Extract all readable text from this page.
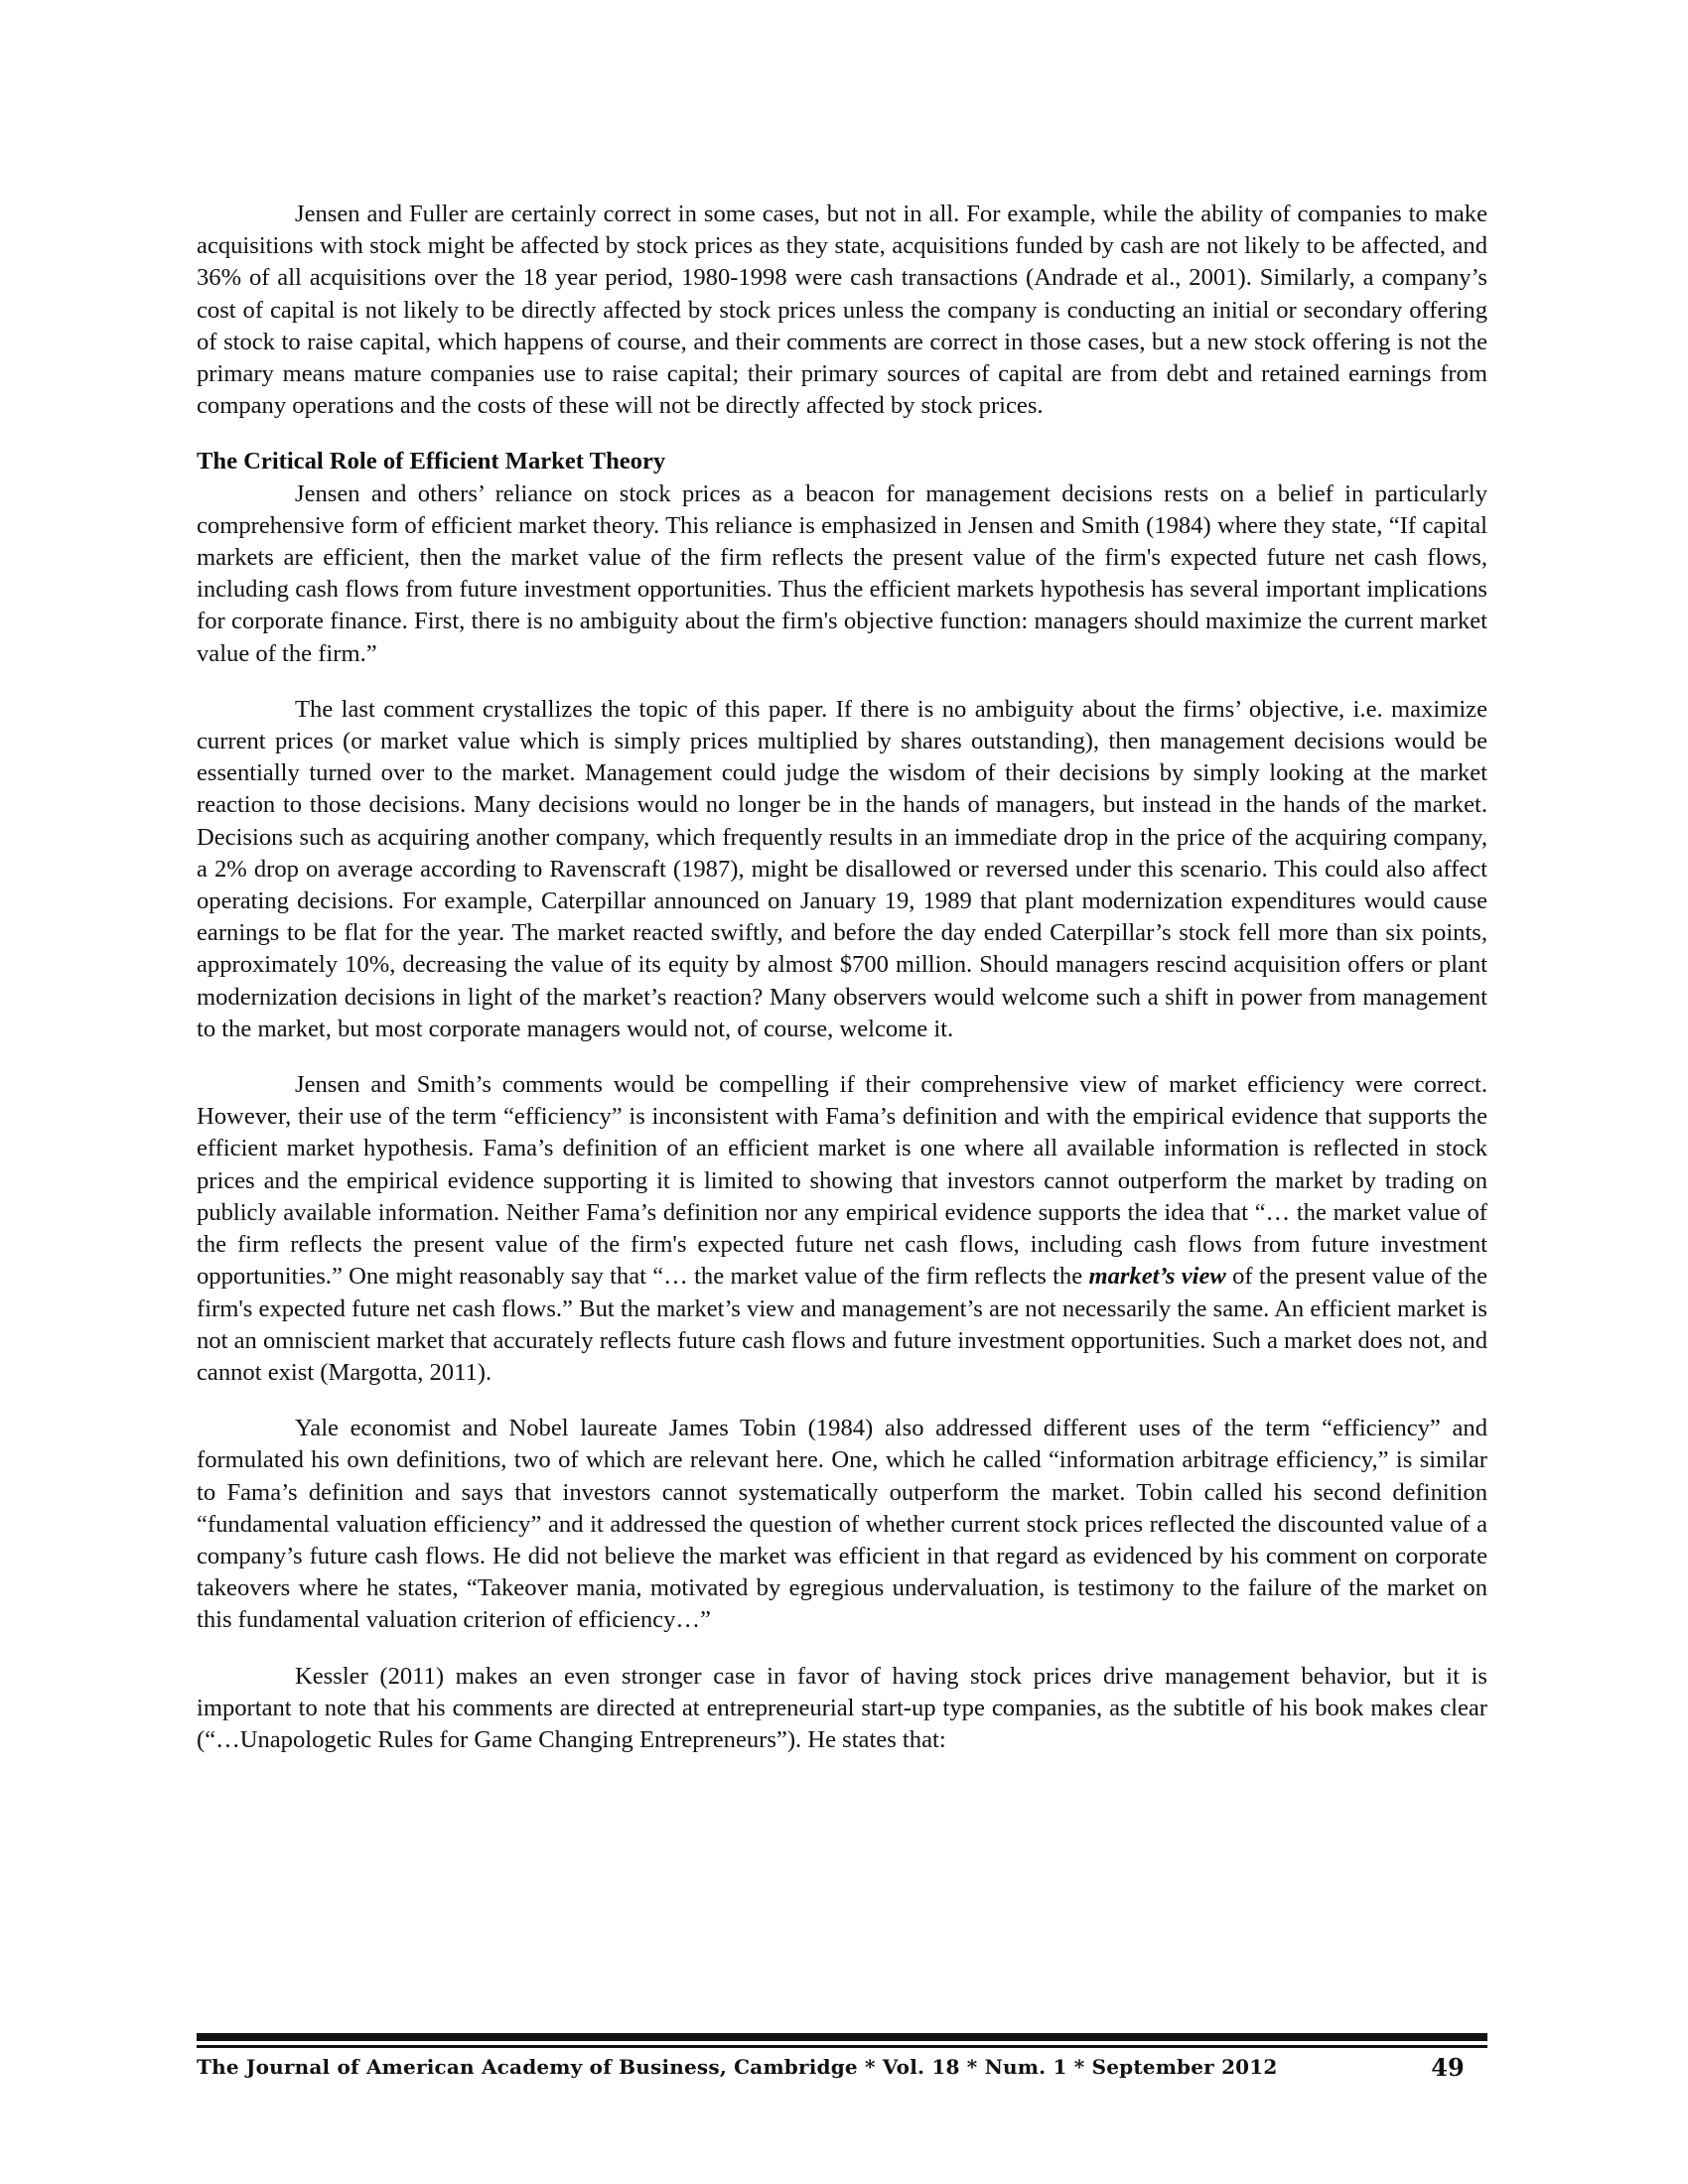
Jensen and Fuller are certainly correct in some cases, but not in all. For example, while the ability of companies to make acquisitions with stock might be affected by stock prices as they state, acquisitions funded by cash are not likely to be affected, and 36% of all acquisitions over the 18 year period, 1980-1998 were cash transactions (Andrade et al., 2001). Similarly, a company’s cost of capital is not likely to be directly affected by stock prices unless the company is conducting an initial or secondary offering of stock to raise capital, which happens of course, and their comments are correct in those cases, but a new stock offering is not the primary means mature companies use to raise capital; their primary sources of capital are from debt and retained earnings from company operations and the costs of these will not be directly affected by stock prices.

The Critical Role of Efficient Market Theory

Jensen and others’ reliance on stock prices as a beacon for management decisions rests on a belief in particularly comprehensive form of efficient market theory. This reliance is emphasized in Jensen and Smith (1984) where they state, “If capital markets are efficient, then the market value of the firm reflects the present value of the firm's expected future net cash flows, including cash flows from future investment opportunities. Thus the efficient markets hypothesis has several important implications for corporate finance. First, there is no ambiguity about the firm's objective function: managers should maximize the current market value of the firm.”

The last comment crystallizes the topic of this paper. If there is no ambiguity about the firms’ objective, i.e. maximize current prices (or market value which is simply prices multiplied by shares outstanding), then management decisions would be essentially turned over to the market. Management could judge the wisdom of their decisions by simply looking at the market reaction to those decisions. Many decisions would no longer be in the hands of managers, but instead in the hands of the market. Decisions such as acquiring another company, which frequently results in an immediate drop in the price of the acquiring company, a 2% drop on average according to Ravenscraft (1987), might be disallowed or reversed under this scenario. This could also affect operating decisions. For example, Caterpillar announced on January 19, 1989 that plant modernization expenditures would cause earnings to be flat for the year. The market reacted swiftly, and before the day ended Caterpillar’s stock fell more than six points, approximately 10%, decreasing the value of its equity by almost $700 million. Should managers rescind acquisition offers or plant modernization decisions in light of the market’s reaction? Many observers would welcome such a shift in power from management to the market, but most corporate managers would not, of course, welcome it.

Jensen and Smith’s comments would be compelling if their comprehensive view of market efficiency were correct. However, their use of the term “efficiency” is inconsistent with Fama’s definition and with the empirical evidence that supports the efficient market hypothesis. Fama’s definition of an efficient market is one where all available information is reflected in stock prices and the empirical evidence supporting it is limited to showing that investors cannot outperform the market by trading on publicly available information. Neither Fama’s definition nor any empirical evidence supports the idea that “… the market value of the firm reflects the present value of the firm's expected future net cash flows, including cash flows from future investment opportunities.” One might reasonably say that “… the market value of the firm reflects the market’s view of the present value of the firm's expected future net cash flows.” But the market’s view and management’s are not necessarily the same. An efficient market is not an omniscient market that accurately reflects future cash flows and future investment opportunities. Such a market does not, and cannot exist (Margotta, 2011).

Yale economist and Nobel laureate James Tobin (1984) also addressed different uses of the term “efficiency” and formulated his own definitions, two of which are relevant here. One, which he called “information arbitrage efficiency,” is similar to Fama’s definition and says that investors cannot systematically outperform the market. Tobin called his second definition “fundamental valuation efficiency” and it addressed the question of whether current stock prices reflected the discounted value of a company’s future cash flows. He did not believe the market was efficient in that regard as evidenced by his comment on corporate takeovers where he states, “Takeover mania, motivated by egregious undervaluation, is testimony to the failure of the market on this fundamental valuation criterion of efficiency…”

Kessler (2011) makes an even stronger case in favor of having stock prices drive management behavior, but it is important to note that his comments are directed at entrepreneurial start-up type companies, as the subtitle of his book makes clear (“…Unapologetic Rules for Game Changing Entrepreneurs”). He states that:

The Journal of American Academy of Business, Cambridge * Vol. 18 * Num. 1 * September 2012	49
